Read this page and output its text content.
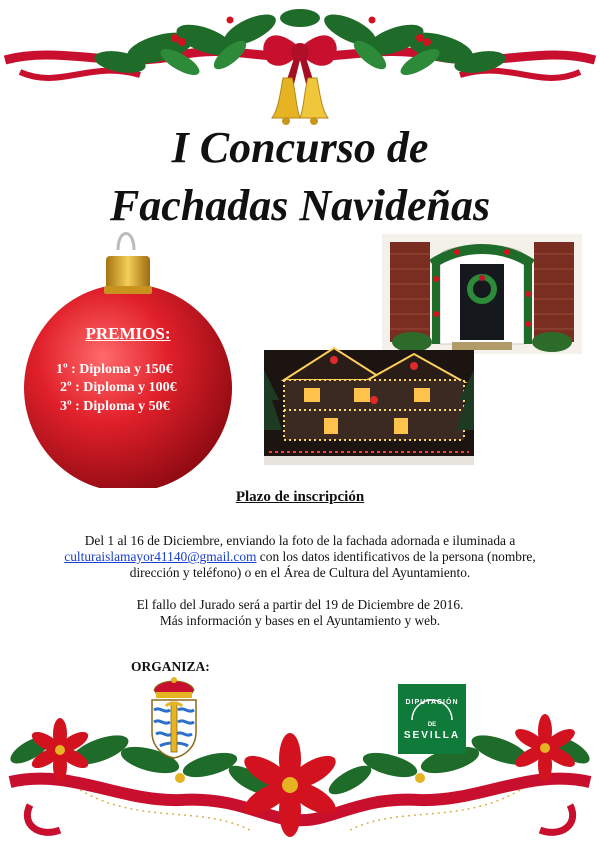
I Concurso de
Fachadas Navideñas
PREMIOS:
1º : Diploma y 150€
2º : Diploma y 100€
3º : Diploma y 50€
Plazo de inscripción
Del 1 al 16 de Diciembre, enviando la foto de la fachada adornada e iluminada a
culturaislamayor41140@gmail.com con los datos identificativos de la persona (nombre, dirección y teléfono) o en el Área de Cultura del Ayuntamiento.
El fallo del Jurado será a partir del 19 de Diciembre de 2016.
Más información y bases en el Ayuntamiento y web.
ORGANIZA:
DIPUTACIÓN
DE
SEVILLA
